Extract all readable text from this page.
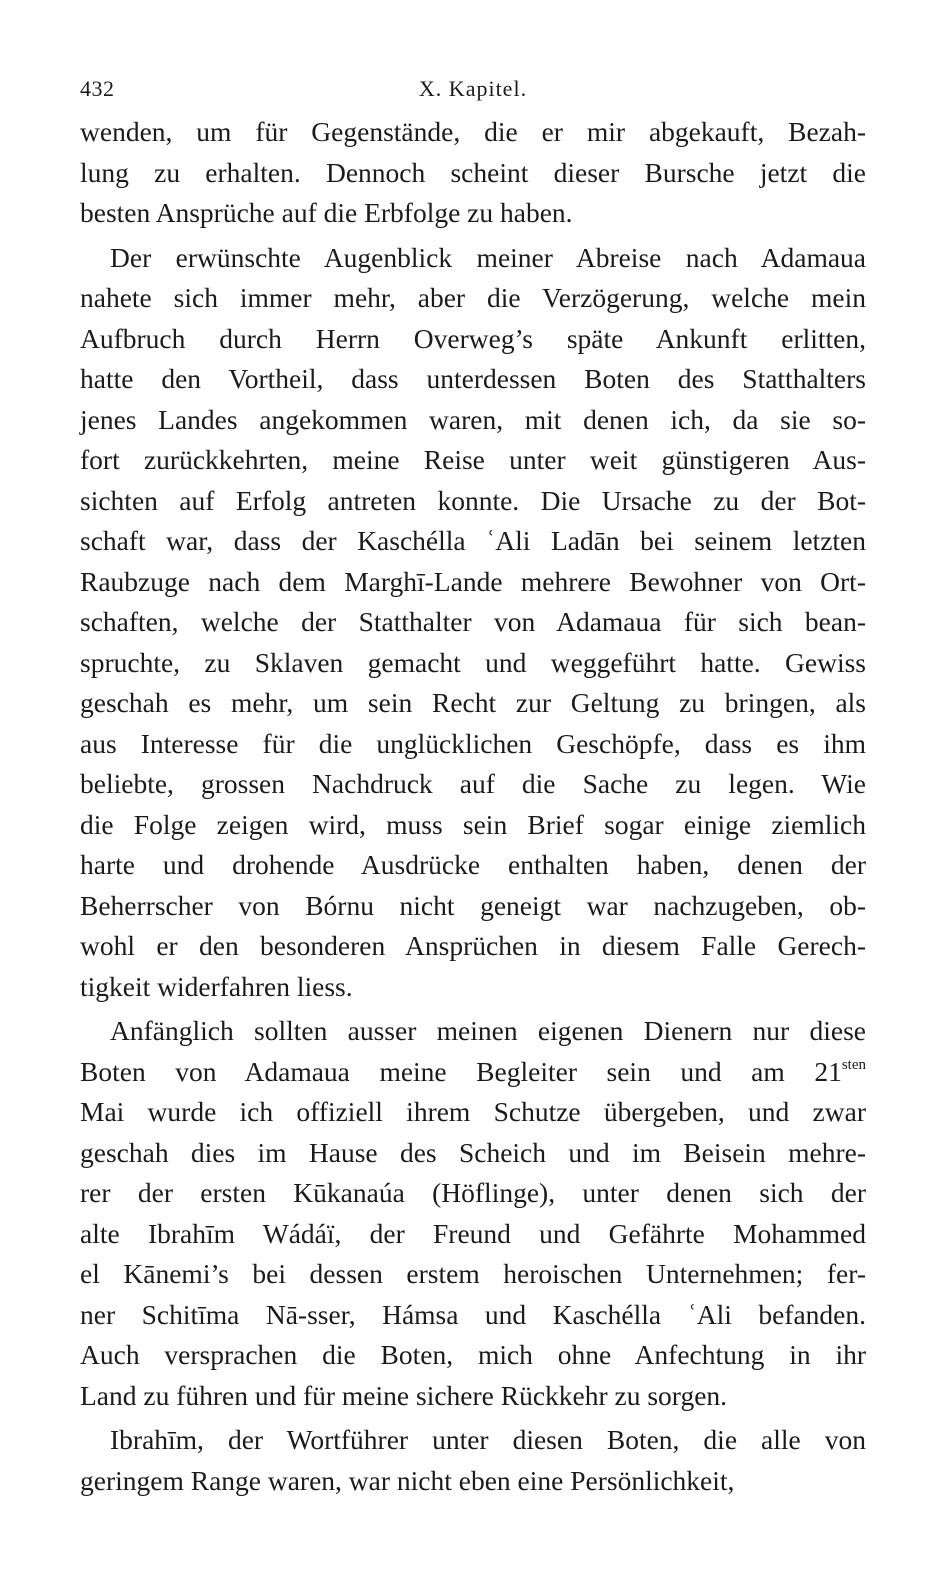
432	X. Kapitel.

wenden, um für Gegenstände, die er mir abgekauft, Bezah-
lung zu erhalten. Dennoch scheint dieser Bursche jetzt die
besten Ansprüche auf die Erbfolge zu haben.

Der erwünschte Augenblick meiner Abreise nach Adamaua
nahete sich immer mehr, aber die Verzögerung, welche mein
Aufbruch durch Herrn Overweg’s späte Ankunft erlitten,
hatte den Vortheil, dass unterdessen Boten des Statthalters
jenes Landes angekommen waren, mit denen ich, da sie so-
fort zurückkehrten, meine Reise unter weit günstigeren Aus-
sichten auf Erfolg antreten konnte. Die Ursache zu der Bot-
schaft war, dass der Kaschélla ʿAli Ladān bei seinem letzten
Raubzuge nach dem Marghī-Lande mehrere Bewohner von Ort-
schaften, welche der Statthalter von Adamaua für sich bean-
spruchte, zu Sklaven gemacht und weggeführt hatte. Gewiss
geschah es mehr, um sein Recht zur Geltung zu bringen, als
aus Interesse für die unglücklichen Geschöpfe, dass es ihm
beliebte, grossen Nachdruck auf die Sache zu legen. Wie
die Folge zeigen wird, muss sein Brief sogar einige ziemlich
harte und drohende Ausdrücke enthalten haben, denen der
Beherrscher von Bórnu nicht geneigt war nachzugeben, ob-
wohl er den besonderen Ansprüchen in diesem Falle Gerech-
tigkeit widerfahren liess.

Anfänglich sollten ausser meinen eigenen Dienern nur diese
Boten von Adamaua meine Begleiter sein und am $21^{sten}$
Mai wurde ich offiziell ihrem Schutze übergeben, und zwar
geschah dies im Hause des Scheich und im Beisein mehre-
rer der ersten Kūkanaúa (Höflinge), unter denen sich der
alte Ibrahīm Wádáï, der Freund und Gefährte Mohammed
el Kānemi’s bei dessen erstem heroischen Unternehmen; fer-
ner Schitīma Nā-sser, Hámsa und Kaschélla ʿAli befanden.
Auch versprachen die Boten, mich ohne Anfechtung in ihr
Land zu führen und für meine sichere Rückkehr zu sorgen.

Ibrahīm, der Wortführer unter diesen Boten, die alle von
geringem Range waren, war nicht eben eine Persönlichkeit,
